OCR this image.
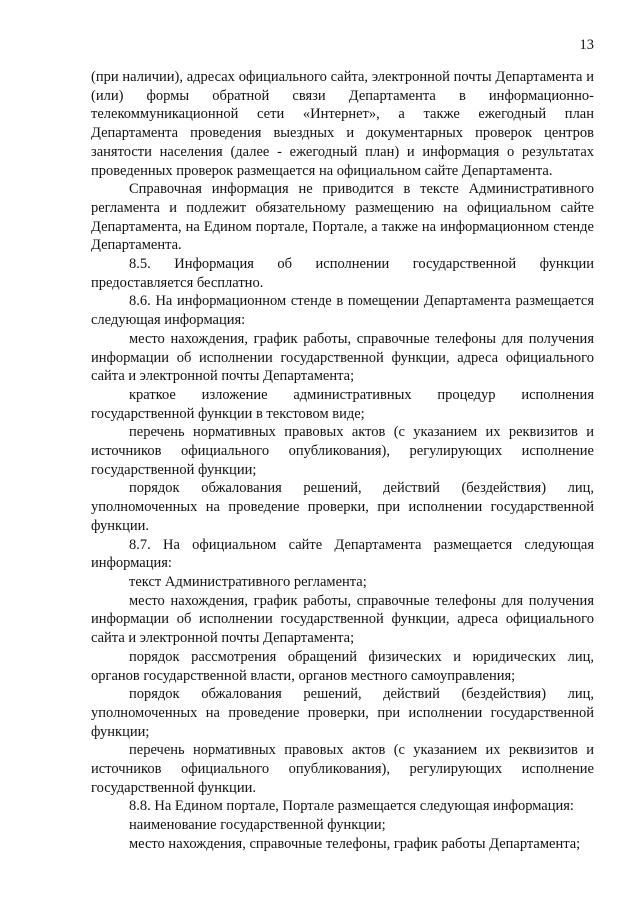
13

(при наличии), адресах официального сайта, электронной почты Департамента и (или) формы обратной связи Департамента в информационно-телекоммуникационной сети «Интернет», а также ежегодный план Департамента проведения выездных и документарных проверок центров занятости населения (далее - ежегодный план) и информация о результатах проведенных проверок размещается на официальном сайте Департамента.

Справочная информация не приводится в тексте Административного регламента и подлежит обязательному размещению на официальном сайте Департамента, на Едином портале, Портале, а также на информационном стенде Департамента.

8.5. Информация об исполнении государственной функции предоставляется бесплатно.

8.6. На информационном стенде в помещении Департамента размещается следующая информация:

место нахождения, график работы, справочные телефоны для получения информации об исполнении государственной функции, адреса официального сайта и электронной почты Департамента;

краткое изложение административных процедур исполнения государственной функции в текстовом виде;

перечень нормативных правовых актов (с указанием их реквизитов и источников официального опубликования), регулирующих исполнение государственной функции;

порядок обжалования решений, действий (бездействия) лиц, уполномоченных на проведение проверки, при исполнении государственной функции.

8.7. На официальном сайте Департамента размещается следующая информация:

текст Административного регламента;

место нахождения, график работы, справочные телефоны для получения информации об исполнении государственной функции, адреса официального сайта и электронной почты Департамента;

порядок рассмотрения обращений физических и юридических лиц, органов государственной власти, органов местного самоуправления;

порядок обжалования решений, действий (бездействия) лиц, уполномоченных на проведение проверки, при исполнении государственной функции;

перечень нормативных правовых актов (с указанием их реквизитов и источников официального опубликования), регулирующих исполнение государственной функции.

8.8. На Едином портале, Портале размещается следующая информация:

наименование государственной функции;

место нахождения, справочные телефоны, график работы Департамента;
